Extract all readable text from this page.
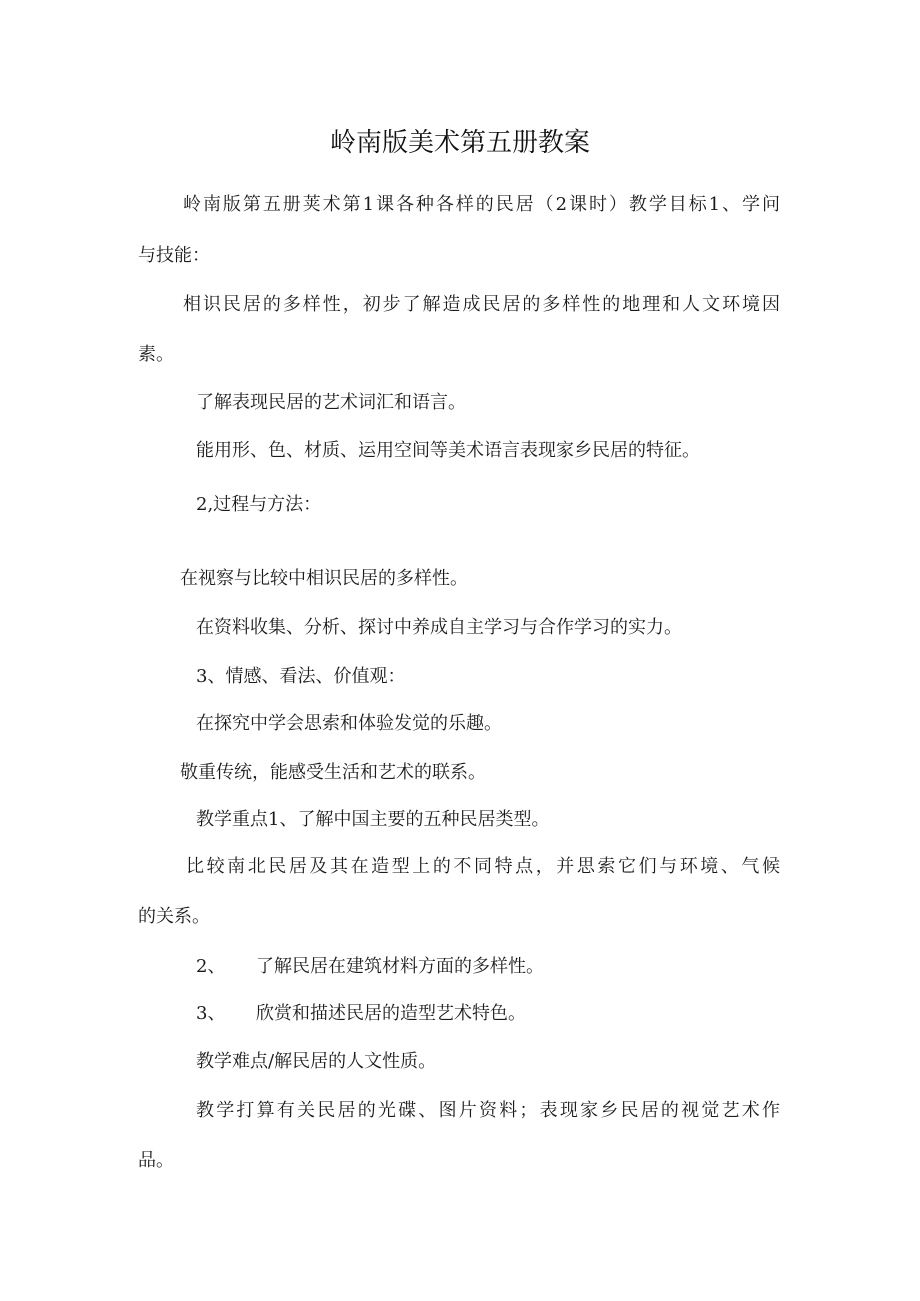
岭南版美术第五册教案

岭南版第五册荚术第1课各种各样的民居（2课时）教学目标1、学问

与技能：

相识民居的多样性，初步了解造成民居的多样性的地理和人文环境因

素。

了解表现民居的艺术词汇和语言。

能用形、色、材质、运用空间等美术语言表现家乡民居的特征。

2,过程与方法：

在视察与比较中相识民居的多样性。

在资料收集、分析、探讨中养成自主学习与合作学习的实力。

3、情感、看法、价值观：

在探究中学会思索和体验发觉的乐趣。

敬重传统，能感受生活和艺术的联系。

教学重点1、了解中国主要的五种民居类型。

比较南北民居及其在造型上的不同特点，并思索它们与环境、气候

的关系。

2、 了解民居在建筑材料方面的多样性。

3、 欣赏和描述民居的造型艺术特色。

教学难点/解民居的人文性质。

教学打算有关民居的光碟、图片资料；表现家乡民居的视觉艺术作

品。
